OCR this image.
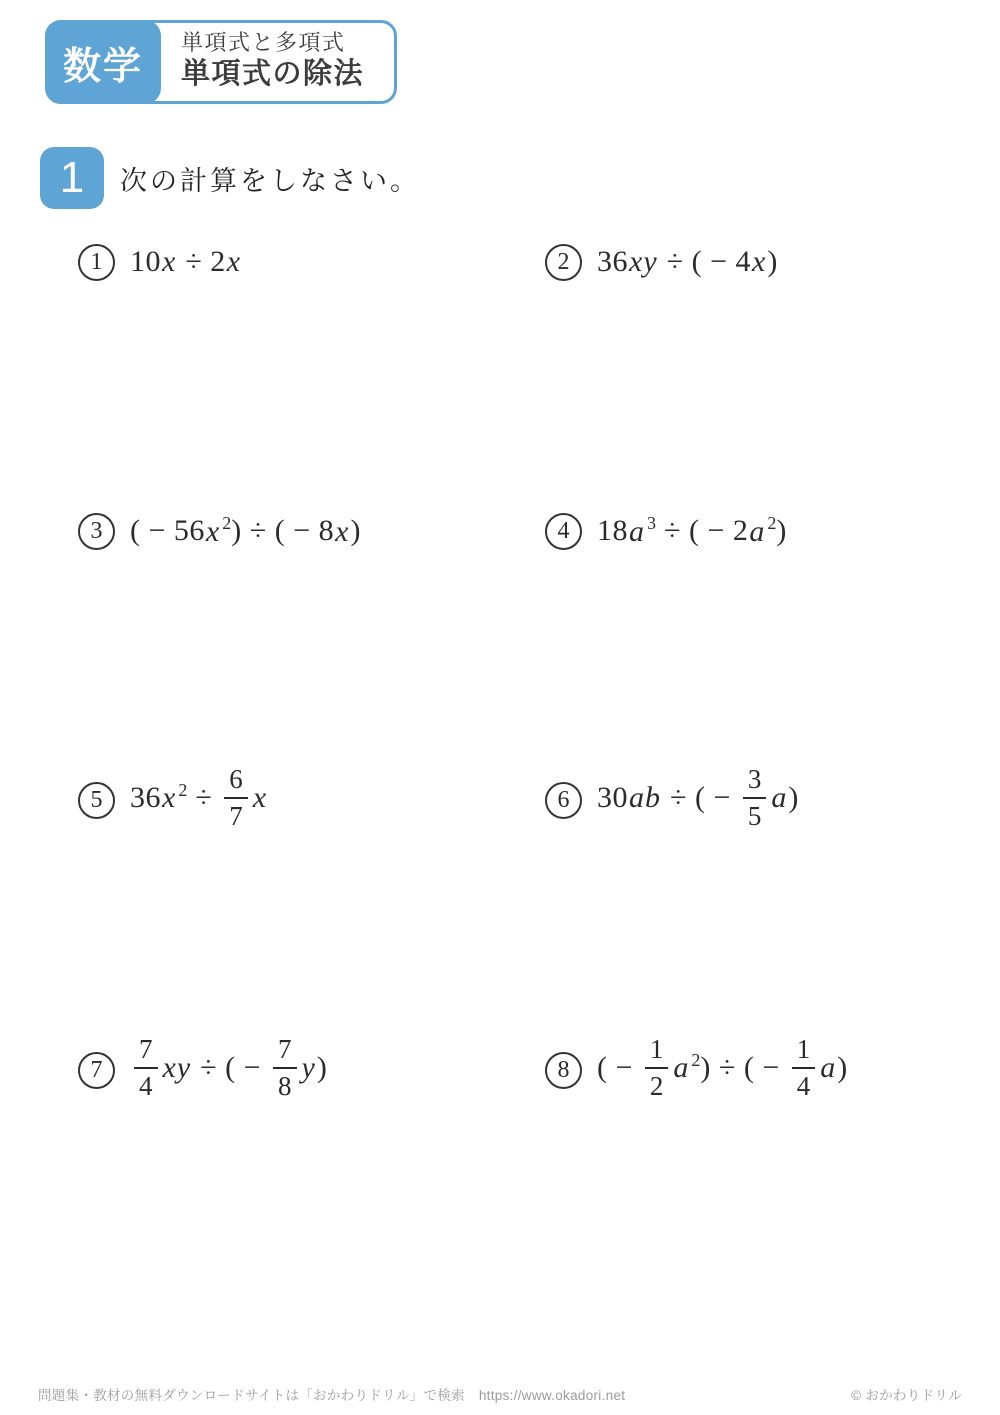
数学
単項式と多項式
単項式の除法
1 次の計算をしなさい。
1 10x ÷ 2x	2 36xy ÷ ( − 4x)
3 ( − 56x $^2$) ÷ ( − 8x)	4 18a $^3$ ÷ ( − 2a $^2$)
5 36x $^2 \div \frac{6}{7}$ x	6 30ab ÷ ( − $\frac{3}{5} a$)
7	$\frac{7}{4}$ xy ÷ ( − $\frac{7}{8} y$)	8 ( − $\frac{1}{2}$ a $^2$) ÷ ( − $\frac{1}{4} a$)
問題集・教材の無料ダウンロードサイトは「おかわりドリル」で検索 https://www.okadori.net	© おかわりドリル
